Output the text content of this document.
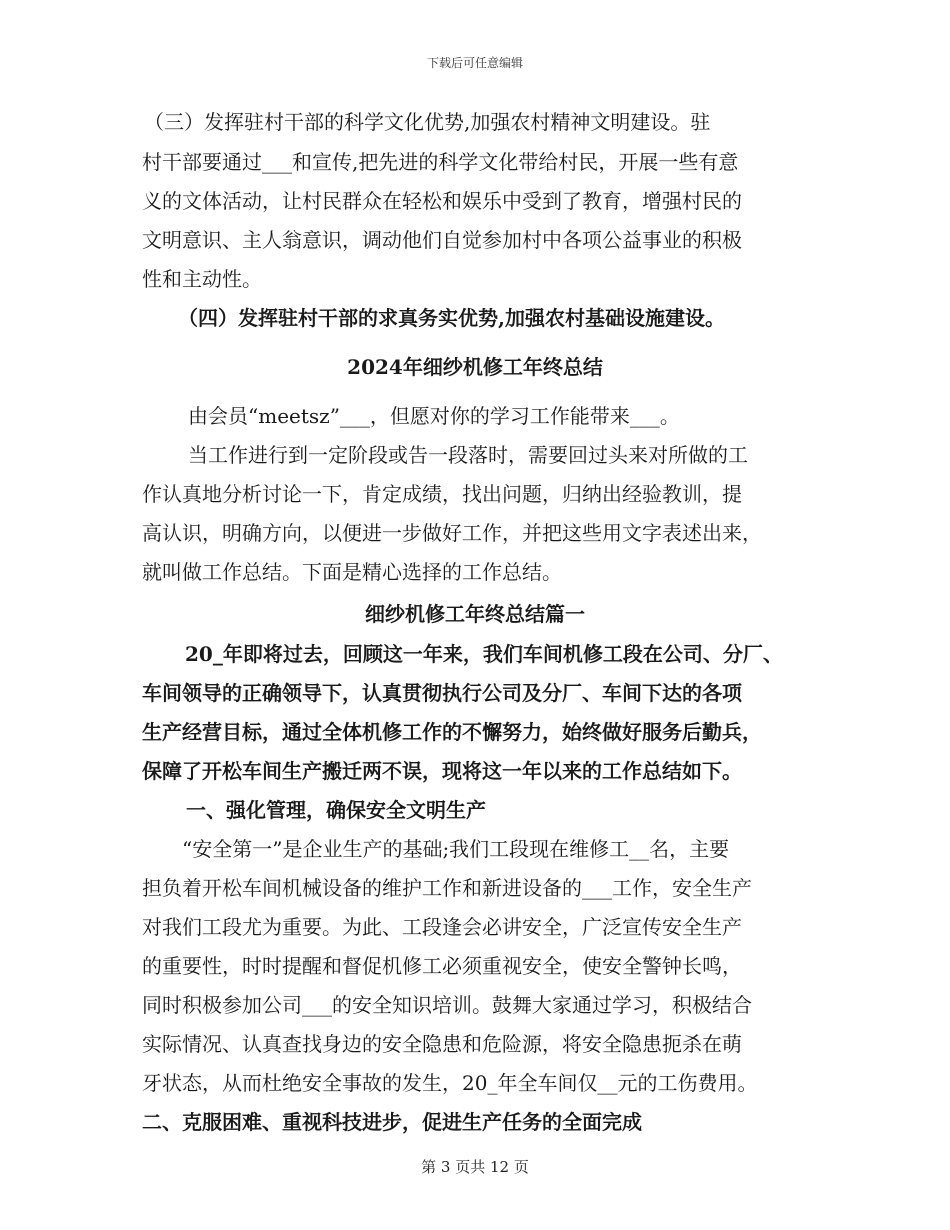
下载后可任意编辑
（三）发挥驻村干部的科学文化优势,加强农村精神文明建设。驻
村干部要通过___和宣传,把先进的科学文化带给村民，开展一些有意
义的文体活动，让村民群众在轻松和娱乐中受到了教育，增强村民的
文明意识、主人翁意识，调动他们自觉参加村中各项公益事业的积极
性和主动性。
（四）发挥驻村干部的求真务实优势,加强农村基础设施建设。
2024年细纱机修工年终总结
由会员“meetsz”___，但愿对你的学习工作能带来___。
当工作进行到一定阶段或告一段落时，需要回过头来对所做的工
作认真地分析讨论一下，肯定成绩，找出问题，归纳出经验教训，提
高认识，明确方向，以便进一步做好工作，并把这些用文字表述出来，
就叫做工作总结。下面是精心选择的工作总结。
细纱机修工年终总结篇一
20_年即将过去，回顾这一年来，我们车间机修工段在公司、分厂、
车间领导的正确领导下，认真贯彻执行公司及分厂、车间下达的各项
生产经营目标，通过全体机修工作的不懈努力，始终做好服务后勤兵，
保障了开松车间生产搬迁两不误，现将这一年以来的工作总结如下。
一、强化管理，确保安全文明生产
“安全第一”是企业生产的基础;我们工段现在维修工__名，主要
担负着开松车间机械设备的维护工作和新进设备的___工作，安全生产
对我们工段尤为重要。为此、工段逢会必讲安全，广泛宣传安全生产
的重要性，时时提醒和督促机修工必须重视安全，使安全警钟长鸣，
同时积极参加公司___的安全知识培训。鼓舞大家通过学习，积极结合
实际情况、认真查找身边的安全隐患和危险源，将安全隐患扼杀在萌
牙状态，从而杜绝安全事故的发生，20_年全车间仅__元的工伤费用。
二、克服困难、重视科技进步，促进生产任务的全面完成
第 3 页共 12 页
